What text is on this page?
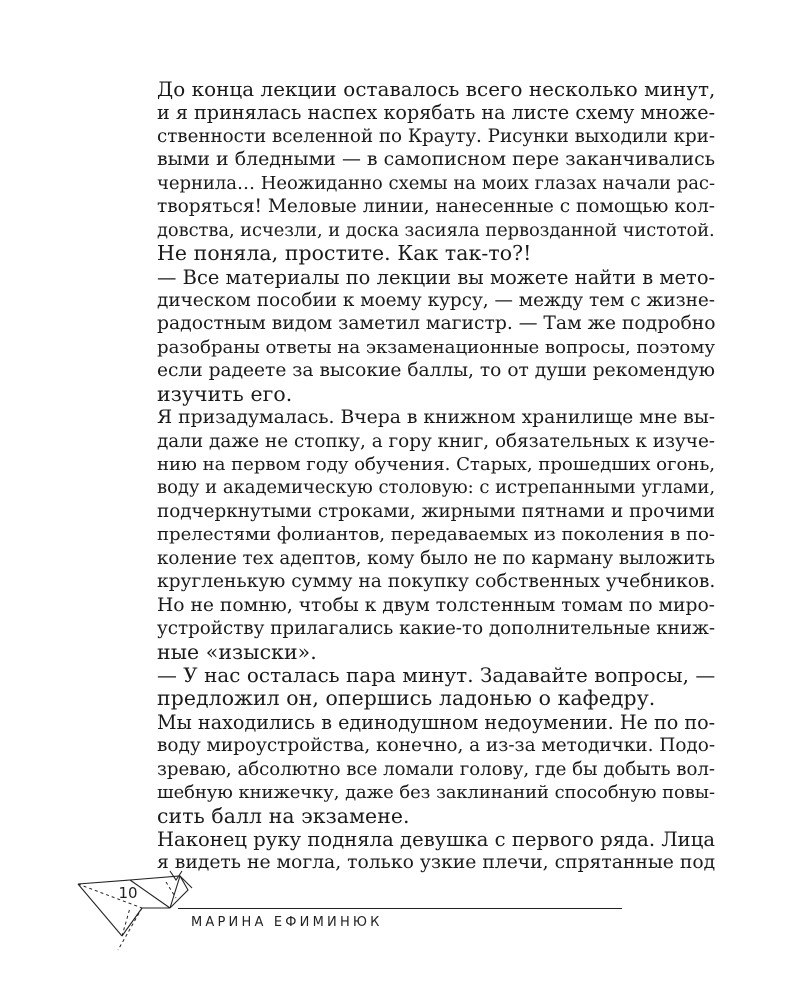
До конца лекции оставалось всего несколько минут,
и я принялась наспех корябать на листе схему множе-
ственности вселенной по Крауту. Рисунки выходили кри-
выми и бледными — в самописном пере заканчивались
чернила… Неожиданно схемы на моих глазах начали рас-
творяться! Меловые линии, нанесенные с помощью кол-
довства, исчезли, и доска засияла первозданной чистотой.
Не поняла, простите. Как так-то?!
— Все материалы по лекции вы можете найти в мето-
дическом пособии к моему курсу, — между тем с жизне-
радостным видом заметил магистр. — Там же подробно
разобраны ответы на экзаменационные вопросы, поэтому
если радеете за высокие баллы, то от души рекомендую
изучить его.
Я призадумалась. Вчера в книжном хранилище мне вы-
дали даже не стопку, а гору книг, обязательных к изуче-
нию на первом году обучения. Старых, прошедших огонь,
воду и академическую столовую: с истрепанными углами,
подчеркнутыми строками, жирными пятнами и прочими
прелестями фолиантов, передаваемых из поколения в по-
коление тех адептов, кому было не по карману выложить
кругленькую сумму на покупку собственных учебников.
Но не помню, чтобы к двум толстенным томам по миро-
устройству прилагались какие-то дополнительные книж-
ные «изыски».
— У нас осталась пара минут. Задавайте вопросы, —
предложил он, опершись ладонью о кафедру.
Мы находились в единодушном недоумении. Не по по-
воду мироустройства, конечно, а из-за методички. Подо-
зреваю, абсолютно все ломали голову, где бы добыть вол-
шебную книжечку, даже без заклинаний способную повы-
сить балл на экзамене.
Наконец руку подняла девушка с первого ряда. Лица
я видеть не могла, только узкие плечи, спрятанные под
10
МАРИНА ЕФИМИНЮК
